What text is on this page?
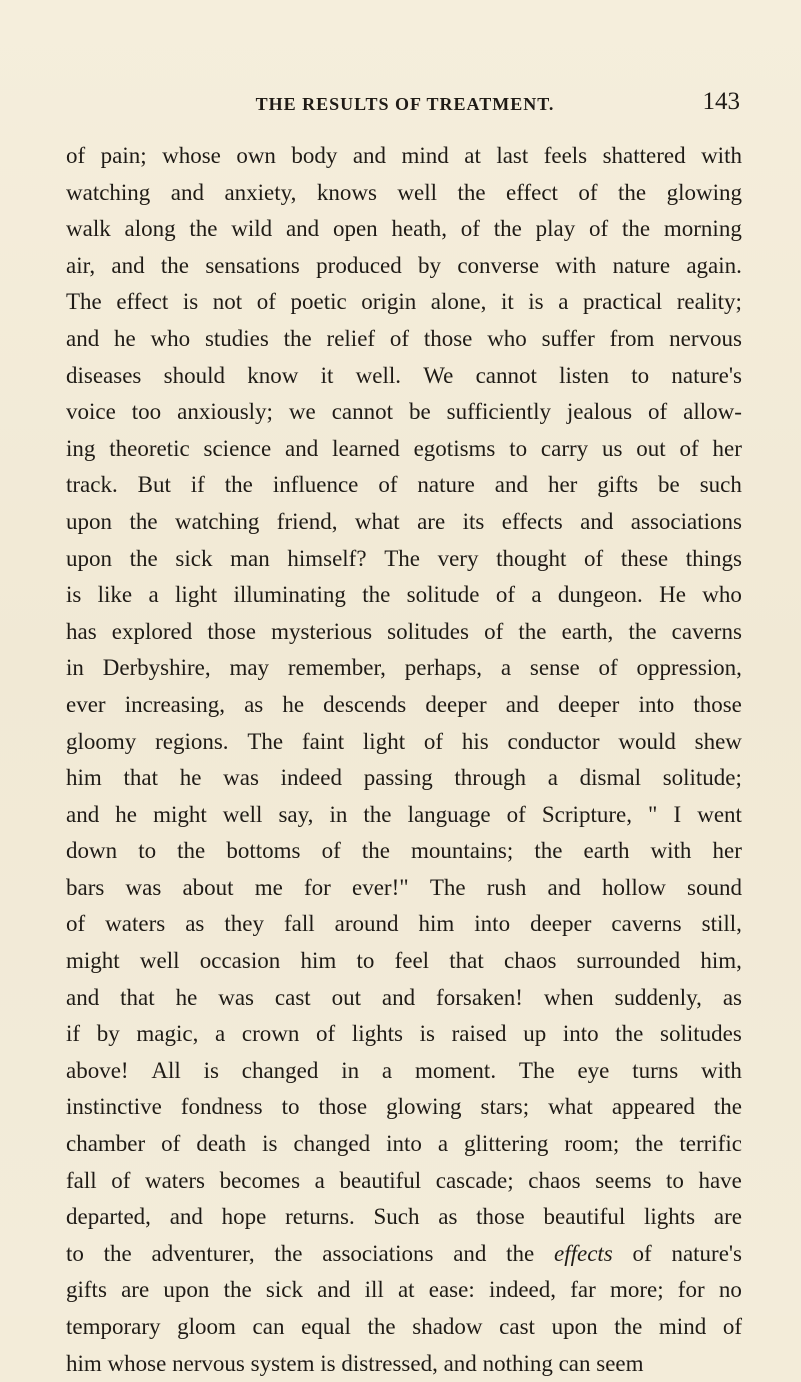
THE RESULTS OF TREATMENT.	143
of pain; whose own body and mind at last feels shattered with
watching and anxiety, knows well the effect of the glowing
walk along the wild and open heath, of the play of the morning
air, and the sensations produced by converse with nature again.
The effect is not of poetic origin alone, it is a practical reality;
and he who studies the relief of those who suffer from nervous
diseases should know it well. We cannot listen to nature's
voice too anxiously; we cannot be sufficiently jealous of allow-
ing theoretic science and learned egotisms to carry us out of her
track. But if the influence of nature and her gifts be such
upon the watching friend, what are its effects and associations
upon the sick man himself? The very thought of these things
is like a light illuminating the solitude of a dungeon. He who
has explored those mysterious solitudes of the earth, the caverns
in Derbyshire, may remember, perhaps, a sense of oppression,
ever increasing, as he descends deeper and deeper into those
gloomy regions. The faint light of his conductor would shew
him that he was indeed passing through a dismal solitude;
and he might well say, in the language of Scripture, " I went
down to the bottoms of the mountains; the earth with her
bars was about me for ever!" The rush and hollow sound
of waters as they fall around him into deeper caverns still,
might well occasion him to feel that chaos surrounded him,
and that he was cast out and forsaken! when suddenly, as
if by magic, a crown of lights is raised up into the solitudes
above! All is changed in a moment. The eye turns with
instinctive fondness to those glowing stars; what appeared the
chamber of death is changed into a glittering room; the terrific
fall of waters becomes a beautiful cascade; chaos seems to have
departed, and hope returns. Such as those beautiful lights are
to the adventurer, the associations and the effects of nature's
gifts are upon the sick and ill at ease: indeed, far more; for no
temporary gloom can equal the shadow cast upon the mind of
him
whose
nervous
system
is
distressed,
and
nothing
can
seem
